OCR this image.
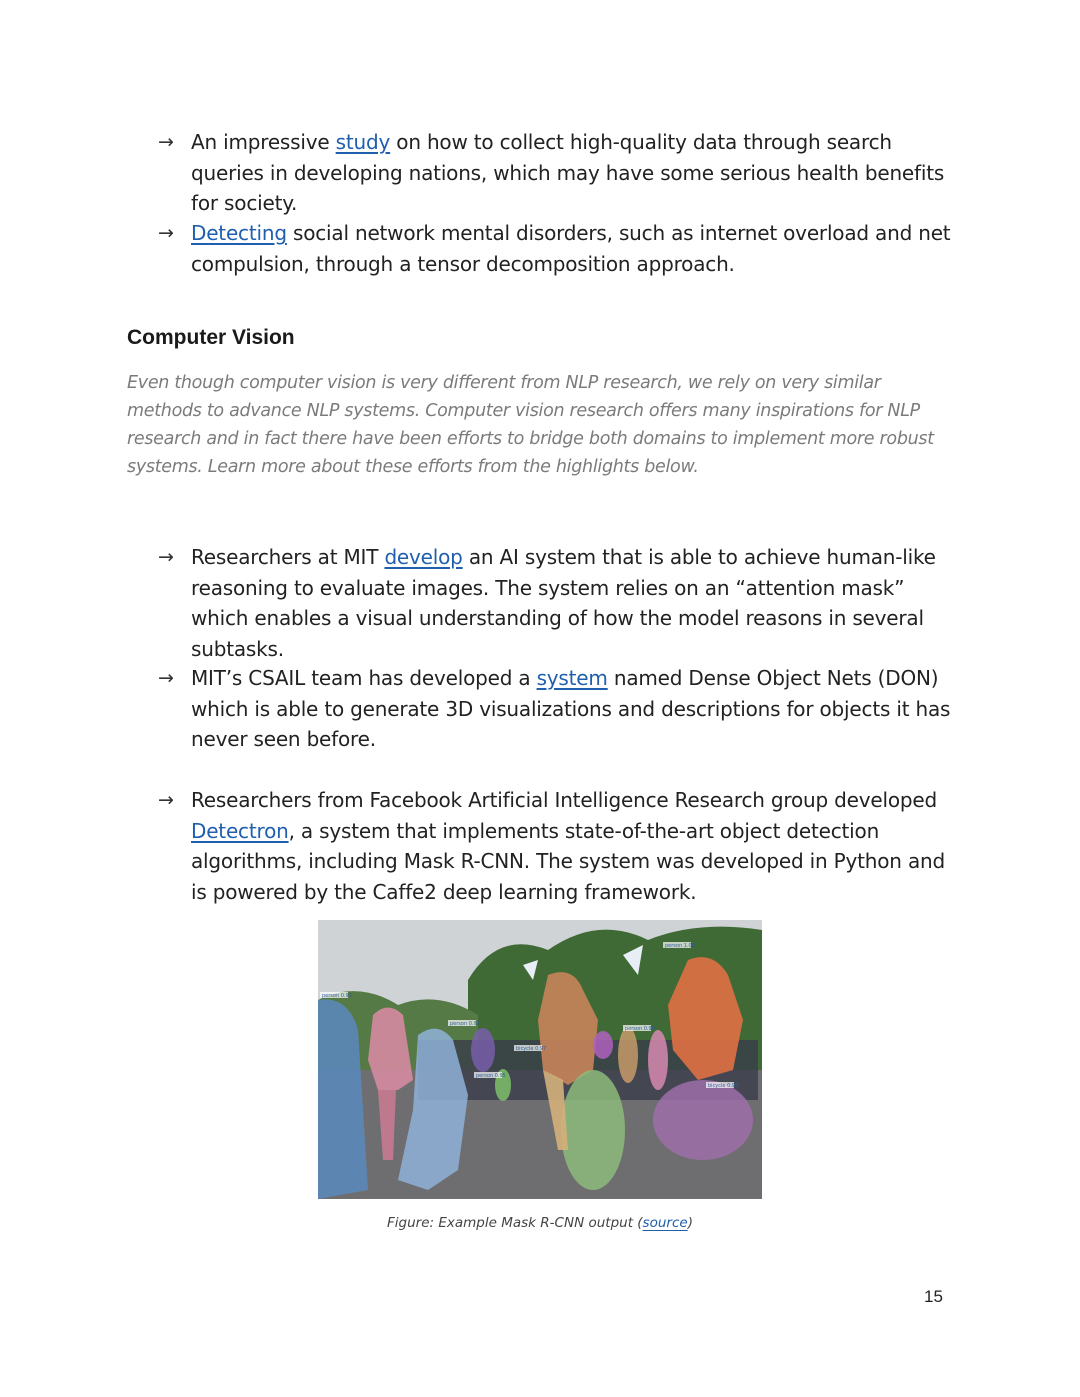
→ An impressive study on how to collect high-quality data through search queries in developing nations, which may have some serious health benefits for society.
→ Detecting social network mental disorders, such as internet overload and net compulsion, through a tensor decomposition approach.
Computer Vision
Even though computer vision is very different from NLP research, we rely on very similar methods to advance NLP systems. Computer vision research offers many inspirations for NLP research and in fact there have been efforts to bridge both domains to implement more robust systems. Learn more about these efforts from the highlights below.
→ Researchers at MIT develop an AI system that is able to achieve human-like reasoning to evaluate images. The system relies on an “attention mask” which enables a visual understanding of how the model reasons in several subtasks.
→ MIT’s CSAIL team has developed a system named Dense Object Nets (DON) which is able to generate 3D visualizations and descriptions for objects it has never seen before.
→ Researchers from Facebook Artificial Intelligence Research group developed Detectron, a system that implements state-of-the-art object detection algorithms, including Mask R-CNN. The system was developed in Python and is powered by the Caffe2 deep learning framework.
person 1.00
person 0.99
bicycle 0.99
person 0.98
bicycle 0.97
person 0.95
person 0.92
Figure: Example Mask R-CNN output (source)
15
